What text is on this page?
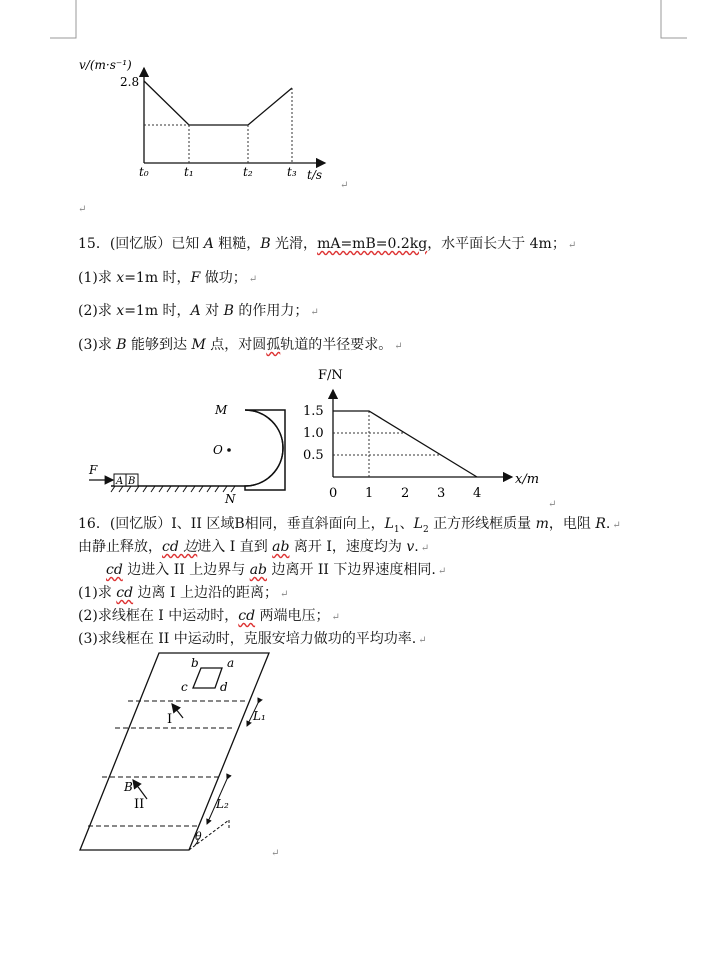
v/(m·s⁻¹)
2.8
t₀	t₁	t₂	t₃ t/s
↵
↵
15．(回忆版）已知 A 粗糙，B 光滑，mA=mB=0.2kg，水平面长大于 4m； ↵
(1)求 x=1m 时，F 做功； ↵
(2)求 x=1m 时，A 对 B 的作用力； ↵
(3)求 B 能够到达 M 点，对圆孤轨道的半径要求。 ↵
A B
F
M
O
N
F/N
x/m
1.5
1.0
0.5
0 1 2 3 4
↵
16．(回忆版）I、II 区域B相同，垂直斜面向上，$L_1$、$L_2$ 正方形线框质量 m，电阻 R. ↵
由静止释放，cd 边进入 I 直到 ab 离开 I，速度均为 v. ↵
cd 边进入 II 上边界与 ab 边离开 II 下边界速度相同. ↵
(1)求 cd 边离 I 上边沿的距离； ↵
(2)求线框在 I 中运动时，cd 两端电压； ↵
(3)求线框在 II 中运动时，克服安培力做功的平均功率. ↵
b a
c	d
I
II
B
L₁
L₂
θ
↵
